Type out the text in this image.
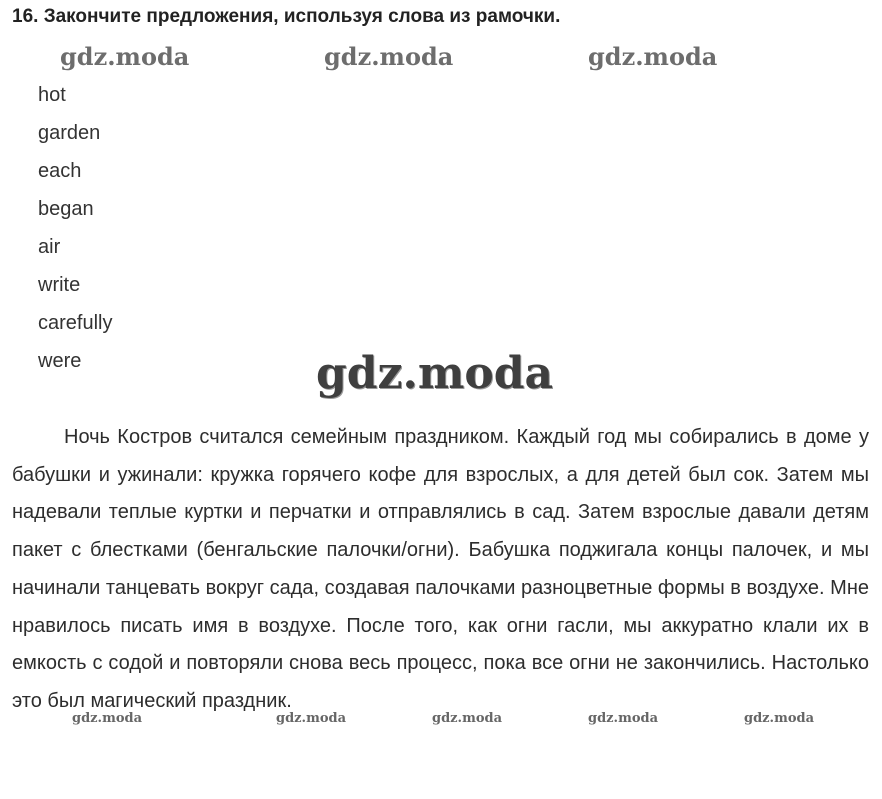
16. Закончите предложения, используя слова из рамочки.
gdz.moda	gdz.moda	gdz.moda
hot
garden
each
began
air
write
carefully
were	gdz.moda

Ночь Костров считался семейным праздником. Каждый год мы собирались в доме у бабушки и ужинали: кружка горячего кофе для взрослых, а для детей был сок. Затем мы надевали теплые куртки и перчатки и отправлялись в сад. Затем взрослые давали детям пакет с блестками (бенгальские палочки/огни). Бабушка поджигала концы палочек, и мы начинали танцевать вокруг сада, создавая палочками разноцветные формы в воздухе. Мне нравилось писать имя в воздухе. После того, как огни гасли, мы аккуратно клали их в емкость с содой и повторяли снова весь процесс, пока все огни не закончились. Настолько это был магический праздник.

gdz.moda	gdz.moda	gdz.moda	gdz.moda	gdz.moda
